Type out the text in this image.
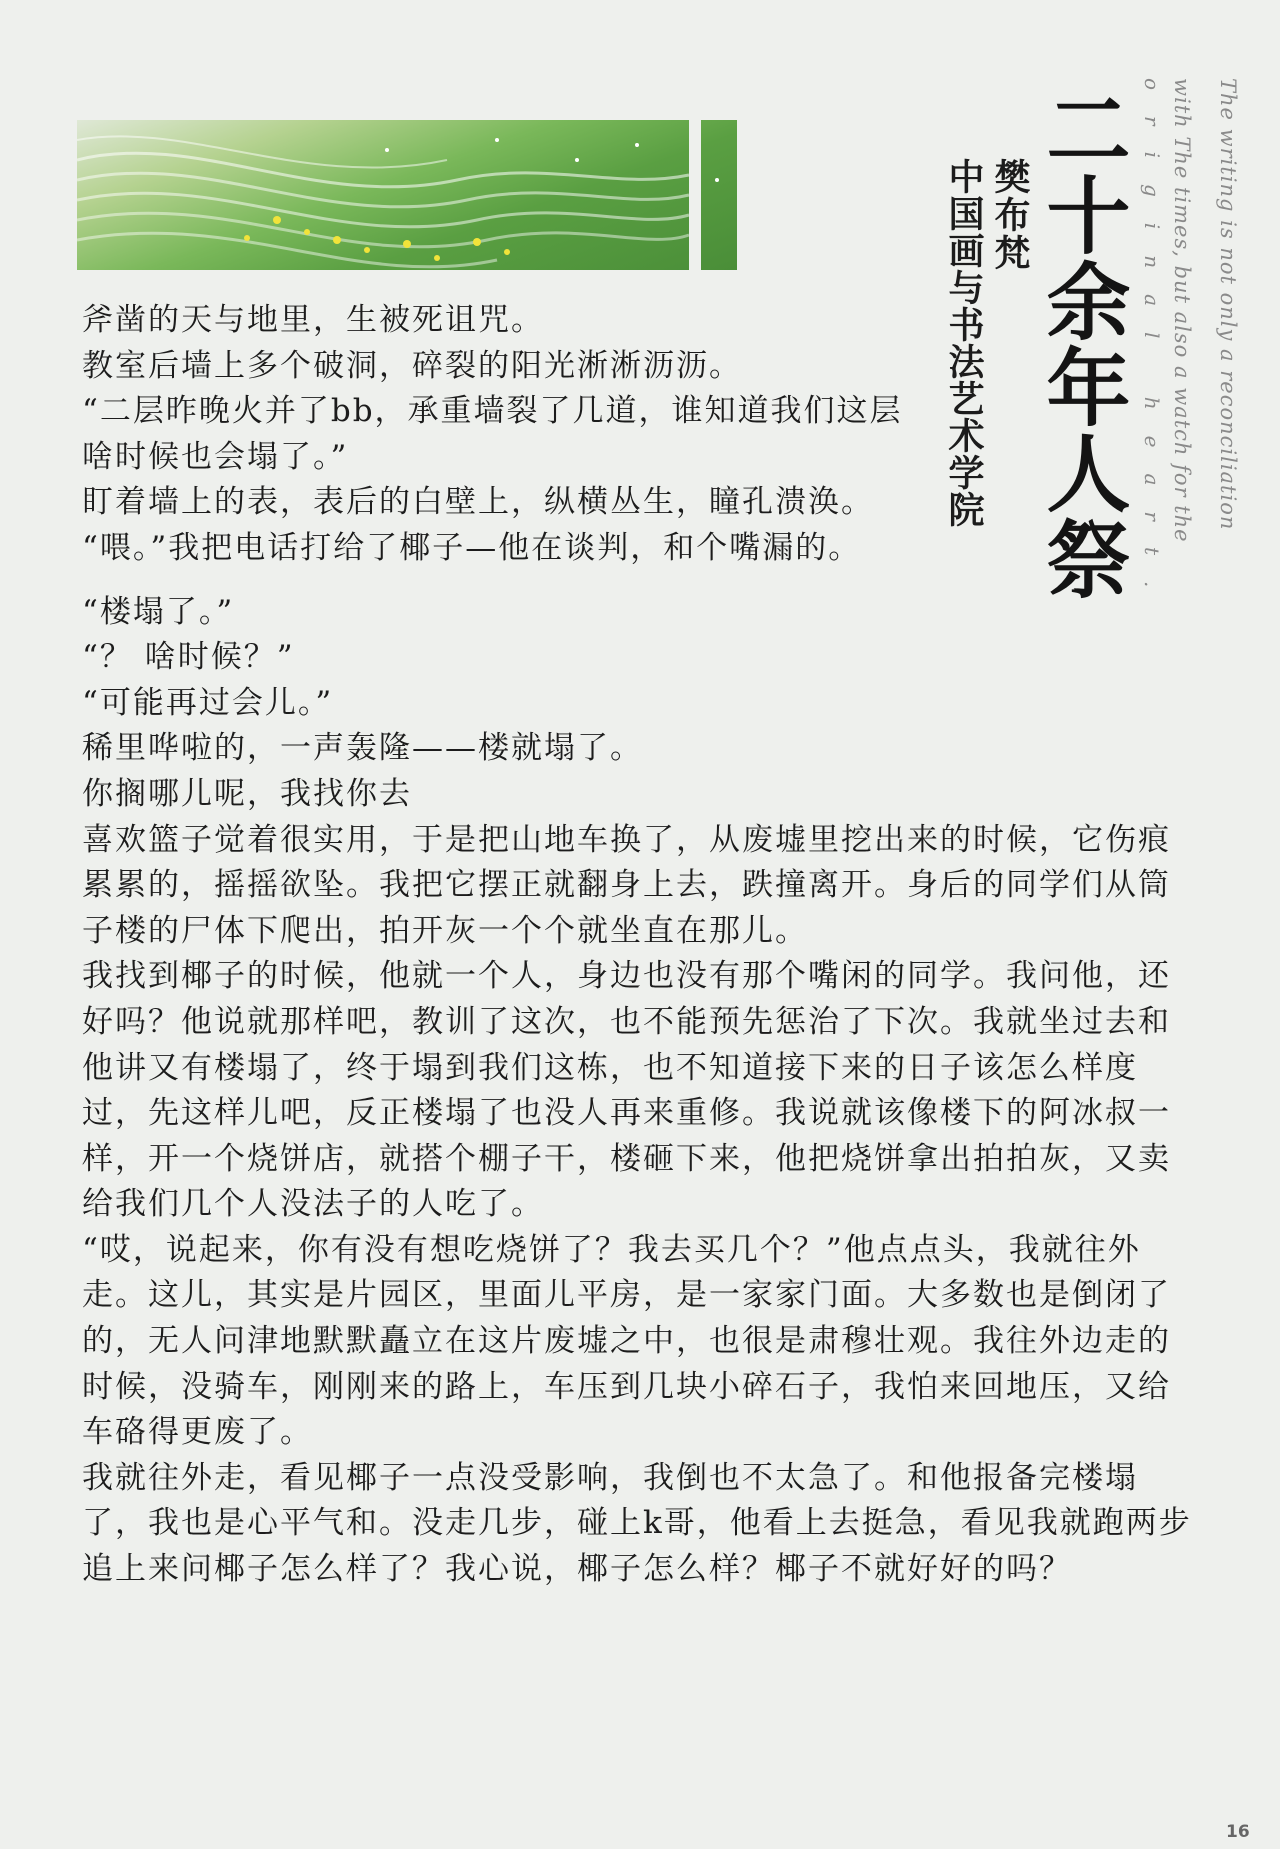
二十余年人祭
樊布梵
中国画与书法艺术学院	The writing is not only a reconciliation
with The times, but also a watch for the
original heart.

斧凿的天与地里，生被死诅咒。

教室后墙上多个破洞，碎裂的阳光淅淅沥沥。

“二层昨晚火并了bb，承重墙裂了几道，谁知道我们这层啥时候也会塌了。”

盯着墙上的表，表后的白壁上，纵横丛生，瞳孔溃涣。

“喂。”我把电话打给了椰子—他在谈判，和个嘴漏的。

“楼塌了。”

“？ 啥时候？”

“可能再过会儿。”

稀里哗啦的，一声轰隆——楼就塌了。

你搁哪儿呢，我找你去

喜欢篮子觉着很实用，于是把山地车换了，从废墟里挖出来的时候，它伤痕累累的，摇摇欲坠。我把它摆正就翻身上去，跌撞离开。身后的同学们从筒子楼的尸体下爬出，拍开灰一个个就坐直在那儿。

我找到椰子的时候，他就一个人，身边也没有那个嘴闲的同学。我问他，还好吗？他说就那样吧，教训了这次，也不能预先惩治了下次。我就坐过去和他讲又有楼塌了，终于塌到我们这栋，也不知道接下来的日子该怎么样度过，先这样儿吧，反正楼塌了也没人再来重修。我说就该像楼下的阿冰叔一样，开一个烧饼店，就搭个棚子干，楼砸下来，他把烧饼拿出拍拍灰，又卖给我们几个人没法子的人吃了。

“哎，说起来，你有没有想吃烧饼了？我去买几个？”他点点头，我就往外走。这儿，其实是片园区，里面儿平房，是一家家门面。大多数也是倒闭了的，无人问津地默默矗立在这片废墟之中，也很是肃穆壮观。我往外边走的时候，没骑车，刚刚来的路上，车压到几块小碎石子，我怕来回地压，又给车硌得更废了。

我就往外走，看见椰子一点没受影响，我倒也不太急了。和他报备完楼塌了，我也是心平气和。没走几步，碰上k哥，他看上去挺急，看见我就跑两步追上来问椰子怎么样了？我心说，椰子怎么样？椰子不就好好的吗？

16
